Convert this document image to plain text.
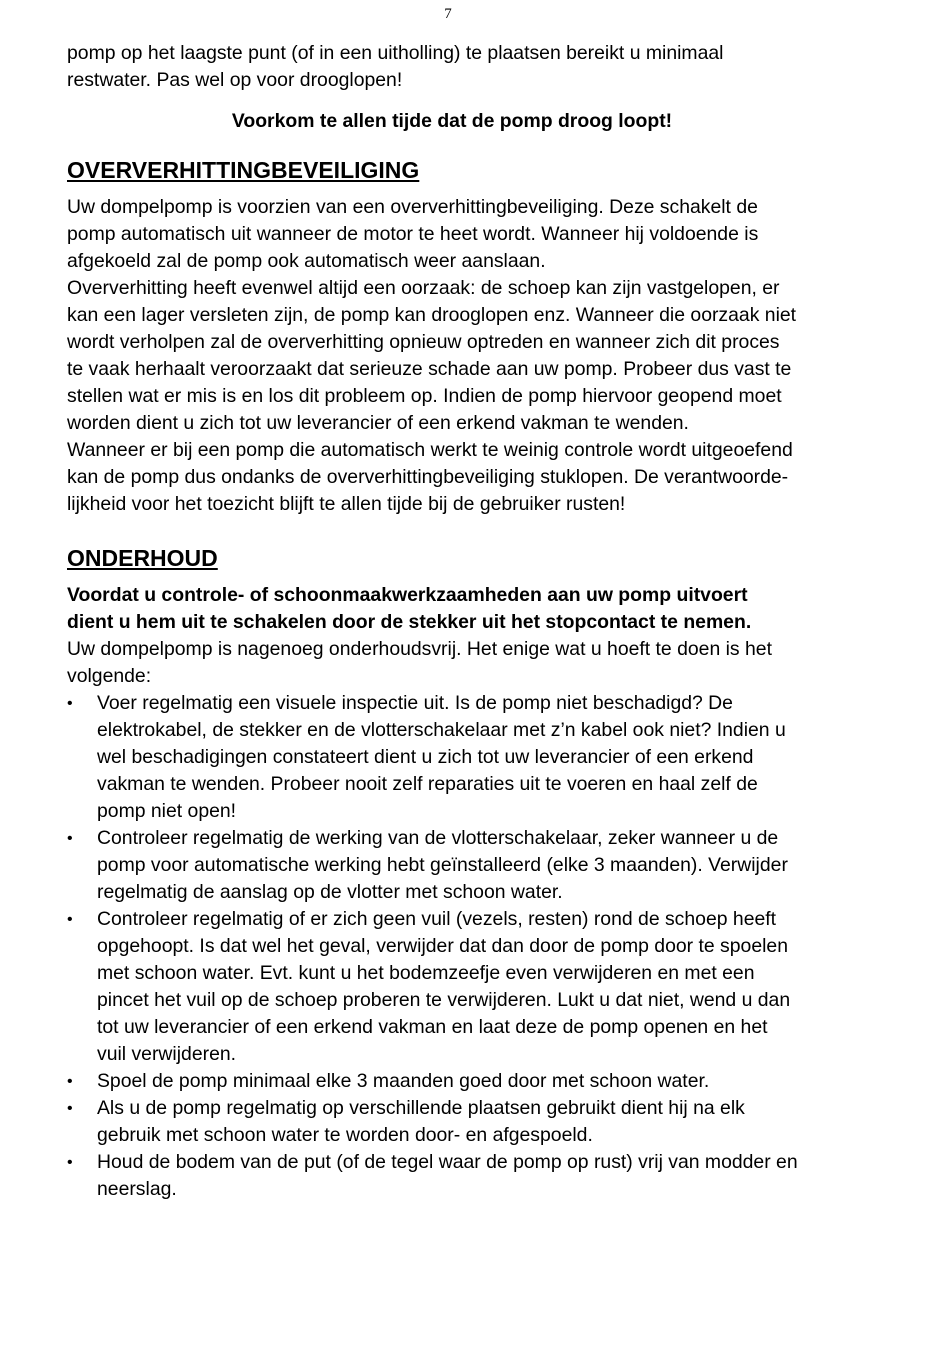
7

pomp op het laagste punt (of in een uitholling) te plaatsen bereikt u minimaal
restwater. Pas wel op voor drooglopen!

Voorkom te allen tijde dat de pomp droog loopt!

OVERVERHITTINGBEVEILIGING

Uw dompelpomp is voorzien van een oververhittingbeveiliging. Deze schakelt de
pomp automatisch uit wanneer de motor te heet wordt. Wanneer hij voldoende is
afgekoeld zal de pomp ook automatisch weer aanslaan.
Oververhitting heeft evenwel altijd een oorzaak: de schoep kan zijn vastgelopen, er
kan een lager versleten zijn, de pomp kan drooglopen enz. Wanneer die oorzaak niet
wordt verholpen zal de oververhitting opnieuw optreden en wanneer zich dit proces
te vaak herhaalt veroorzaakt dat serieuze schade aan uw pomp. Probeer dus vast te
stellen wat er mis is en los dit probleem op. Indien de pomp hiervoor geopend moet
worden dient u zich tot uw leverancier of een erkend vakman te wenden.
Wanneer er bij een pomp die automatisch werkt te weinig controle wordt uitgeoefend
kan de pomp dus ondanks de oververhittingbeveiliging stuklopen. De verantwoorde-
lijkheid voor het toezicht blijft te allen tijde bij de gebruiker rusten!

ONDERHOUD

Voordat u controle- of schoonmaakwerkzaamheden aan uw pomp uitvoert
dient u hem uit te schakelen door de stekker uit het stopcontact te nemen.

Uw dompelpomp is nagenoeg onderhoudsvrij. Het enige wat u hoeft te doen is het
volgende:

•	Voer regelmatig een visuele inspectie uit. Is de pomp niet beschadigd? De
elektrokabel, de stekker en de vlotterschakelaar met z’n kabel ook niet? Indien u
wel beschadigingen constateert dient u zich tot uw leverancier of een erkend
vakman te wenden. Probeer nooit zelf reparaties uit te voeren en haal zelf de
pomp niet open!
•	Controleer regelmatig de werking van de vlotterschakelaar, zeker wanneer u de
pomp voor automatische werking hebt geïnstalleerd (elke 3 maanden). Verwijder
regelmatig de aanslag op de vlotter met schoon water.
•	Controleer regelmatig of er zich geen vuil (vezels, resten) rond de schoep heeft
opgehoopt. Is dat wel het geval, verwijder dat dan door de pomp door te spoelen
met schoon water. Evt. kunt u het bodemzeefje even verwijderen en met een
pincet het vuil op de schoep proberen te verwijderen. Lukt u dat niet, wend u dan
tot uw leverancier of een erkend vakman en laat deze de pomp openen en het
vuil verwijderen.
•	Spoel de pomp minimaal elke 3 maanden goed door met schoon water.
•	Als u de pomp regelmatig op verschillende plaatsen gebruikt dient hij na elk
gebruik met schoon water te worden door- en afgespoeld.
•	Houd de bodem van de put (of de tegel waar de pomp op rust) vrij van modder en
neerslag.
